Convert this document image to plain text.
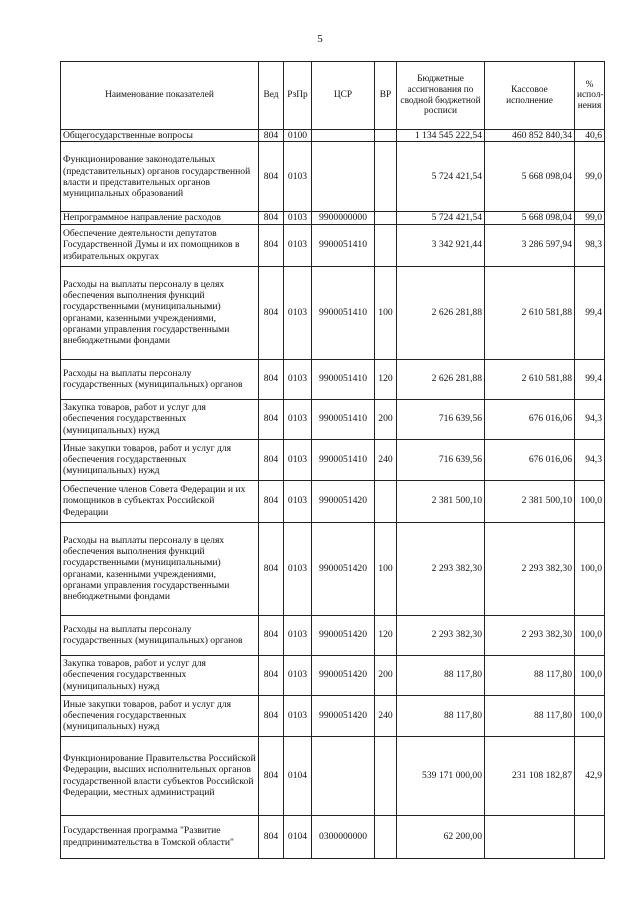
5
Наименование показателей	Вед	РзПр	ЦСР	ВР	Бюджетные ассигнования по сводной бюджетной росписи	Кассовое исполнение	% испол-нения
Общегосударственные вопросы	804	0100			1 134 545 222,54	460 852 840,34	40,6
Функционирование законодательных (представительных) органов государственной власти и представительных органов муниципальных образований	804	0103			5 724 421,54	5 668 098,04	99,0
Непрограммное направление расходов	804	0103	9900000000		5 724 421,54	5 668 098,04	99,0
Обеспечение деятельности депутатов Государственной Думы и их помощников в избирательных округах	804	0103	9900051410		3 342 921,44	3 286 597,94	98,3
Расходы на выплаты персоналу в целях обеспечения выполнения функций государственными (муниципальными) органами, казенными учреждениями, органами управления государственными внебюджетными фондами	804	0103	9900051410	100	2 626 281,88	2 610 581,88	99,4
Расходы на выплаты персоналу государственных (муниципальных) органов	804	0103	9900051410	120	2 626 281,88	2 610 581,88	99,4
Закупка товаров, работ и услуг для обеспечения государственных (муниципальных) нужд	804	0103	9900051410	200	716 639,56	676 016,06	94,3
Иные закупки товаров, работ и услуг для обеспечения государственных (муниципальных) нужд	804	0103	9900051410	240	716 639,56	676 016,06	94,3
Обеспечение членов Совета Федерации и их помощников в субъектах Российской Федерации	804	0103	9900051420		2 381 500,10	2 381 500,10	100,0
Расходы на выплаты персоналу в целях обеспечения выполнения функций государственными (муниципальными) органами, казенными учреждениями, органами управления государственными внебюджетными фондами	804	0103	9900051420	100	2 293 382,30	2 293 382,30	100,0
Расходы на выплаты персоналу государственных (муниципальных) органов	804	0103	9900051420	120	2 293 382,30	2 293 382,30	100,0
Закупка товаров, работ и услуг для обеспечения государственных (муниципальных) нужд	804	0103	9900051420	200	88 117,80	88 117,80	100,0
Иные закупки товаров, работ и услуг для обеспечения государственных (муниципальных) нужд	804	0103	9900051420	240	88 117,80	88 117,80	100,0
Функционирование Правительства Российской Федерации, высших исполнительных органов государственной власти субъектов Российской Федерации, местных администраций	804	0104			539 171 000,00	231 108 182,87	42,9
Государственная программа "Развитие предпринимательства в Томской области"	804	0104	0300000000		62 200,00		
